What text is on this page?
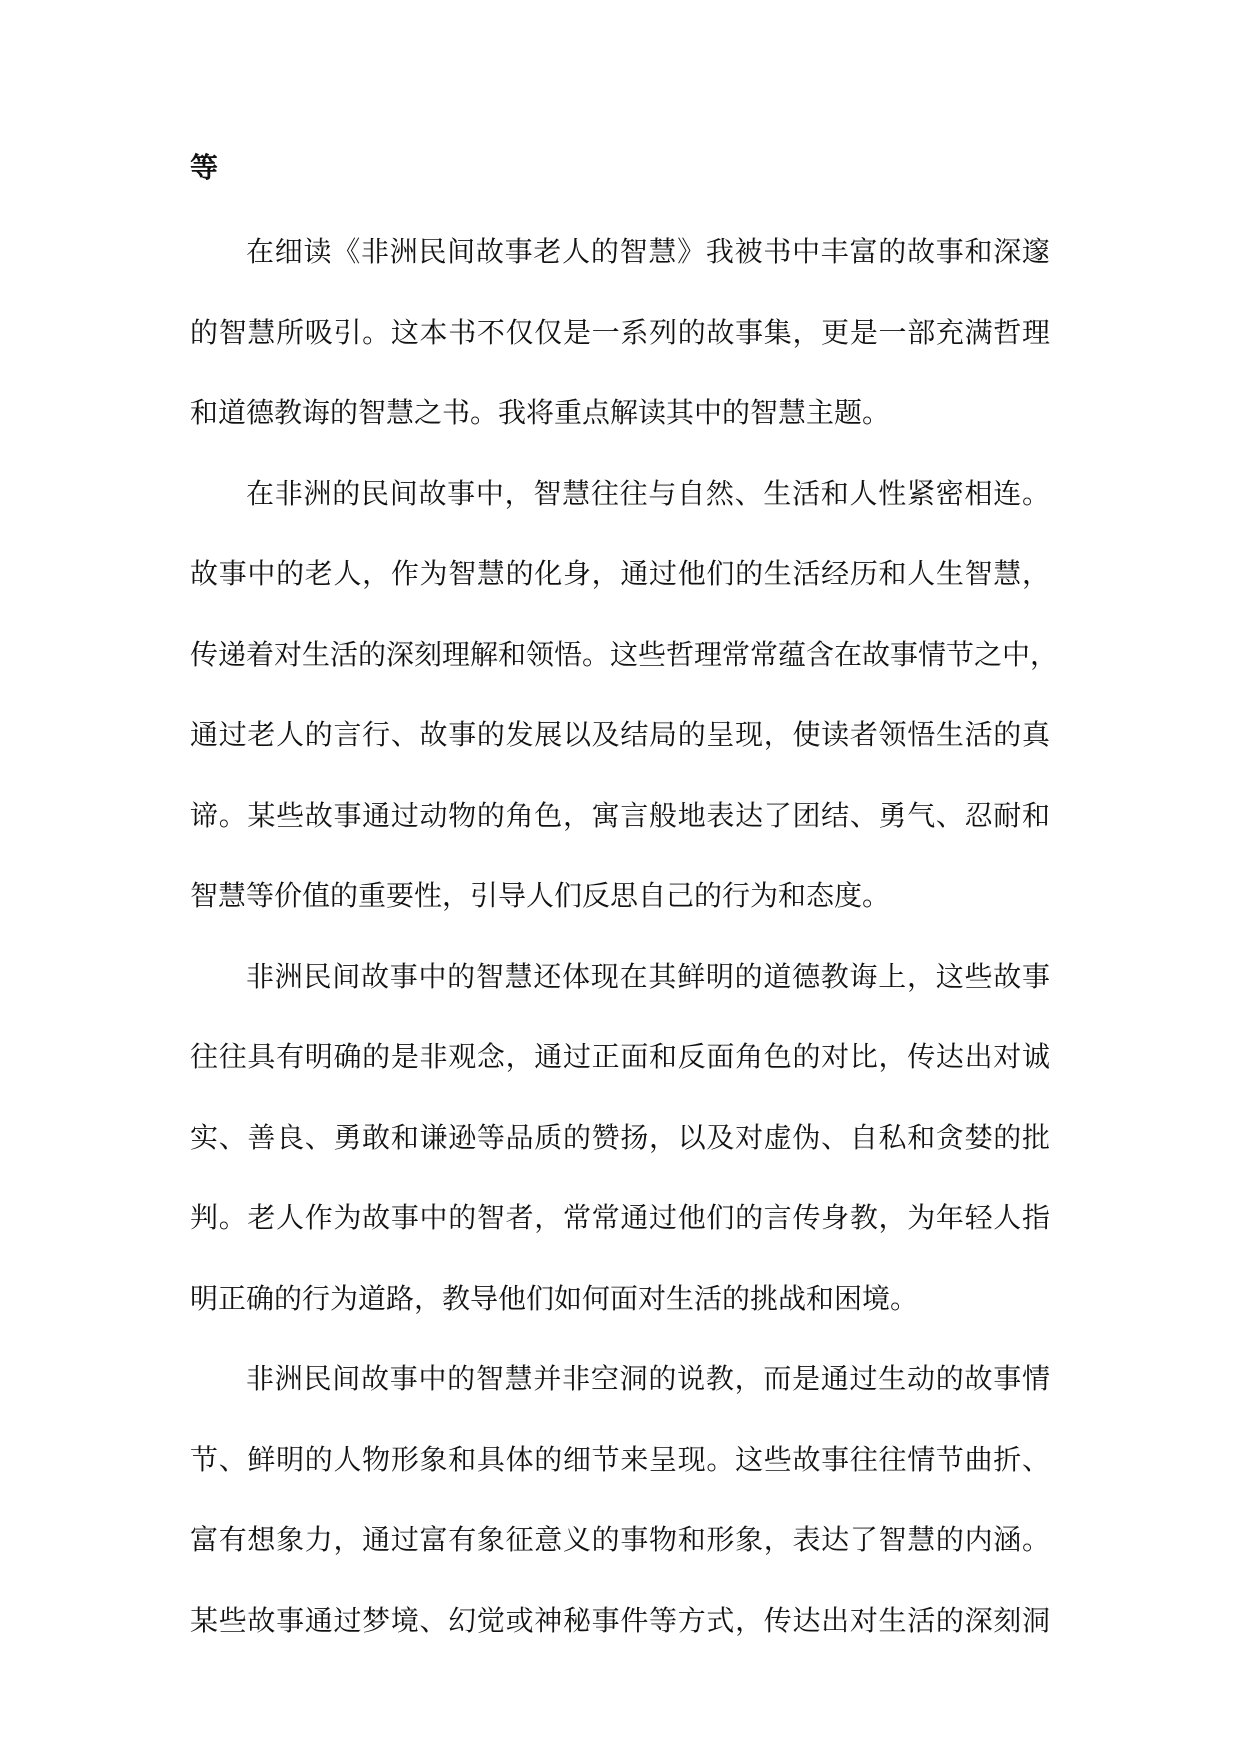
等
在细读《非洲民间故事老人的智慧》我被书中丰富的故事和深邃
的智慧所吸引。这本书不仅仅是一系列的故事集，更是一部充满哲理
和道德教诲的智慧之书。我将重点解读其中的智慧主题。
在非洲的民间故事中，智慧往往与自然、生活和人性紧密相连。
故事中的老人，作为智慧的化身，通过他们的生活经历和人生智慧，
传递着对生活的深刻理解和领悟。这些哲理常常蕴含在故事情节之中，
通过老人的言行、故事的发展以及结局的呈现，使读者领悟生活的真
谛。某些故事通过动物的角色，寓言般地表达了团结、勇气、忍耐和
智慧等价值的重要性，引导人们反思自己的行为和态度。
非洲民间故事中的智慧还体现在其鲜明的道德教诲上，这些故事
往往具有明确的是非观念，通过正面和反面角色的对比，传达出对诚
实、善良、勇敢和谦逊等品质的赞扬，以及对虚伪、自私和贪婪的批
判。老人作为故事中的智者，常常通过他们的言传身教，为年轻人指
明正确的行为道路，教导他们如何面对生活的挑战和困境。
非洲民间故事中的智慧并非空洞的说教，而是通过生动的故事情
节、鲜明的人物形象和具体的细节来呈现。这些故事往往情节曲折、
富有想象力，通过富有象征意义的事物和形象，表达了智慧的内涵。
某些故事通过梦境、幻觉或神秘事件等方式，传达出对生活的深刻洞
